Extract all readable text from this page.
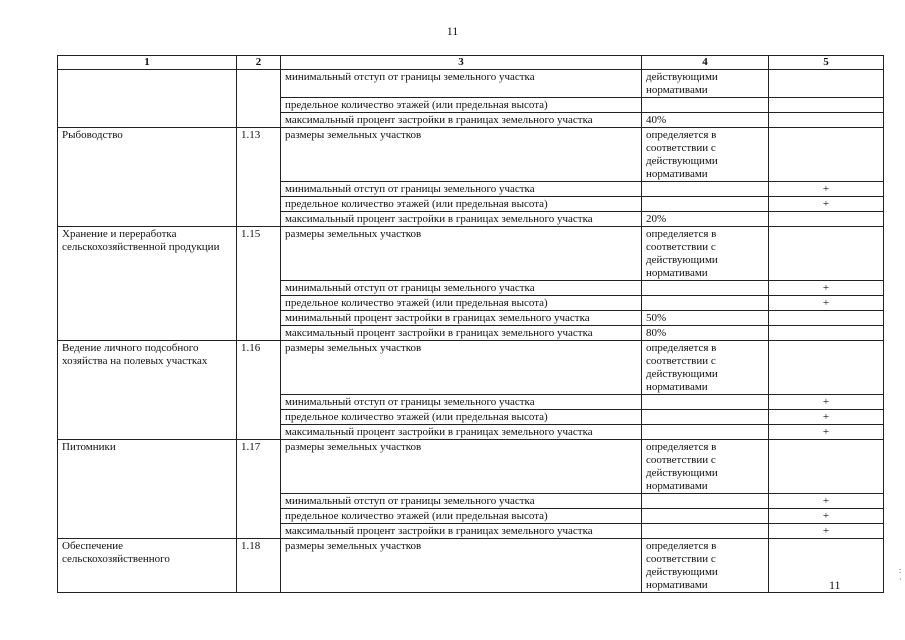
11
1	2	3	4	5
		минимальный отступ от границы земельного участка	действующими нормативами	
		предельное количество этажей (или предельная высота)		
		максимальный процент застройки в границах земельного участка	40%	
Рыбоводство	1.13	размеры земельных участков	определяется в соответствии с действующими нормативами	
		минимальный отступ от границы земельного участка		+
		предельное количество этажей (или предельная высота)		+
		максимальный процент застройки в границах земельного участка	20%	
Хранение и переработка сельскохозяйственной продукции	1.15	размеры земельных участков	определяется в соответствии с действующими нормативами	
		минимальный отступ от границы земельного участка		+
		предельное количество этажей (или предельная высота)		+
		минимальный процент застройки в границах земельного участка	50%	
		максимальный процент застройки в границах земельного участка	80%	
Ведение личного подсобного хозяйства на полевых участках	1.16	размеры земельных участков	определяется в соответствии с действующими нормативами	
		минимальный отступ от границы земельного участка		+
		предельное количество этажей (или предельная высота)		+
		максимальный процент застройки в границах земельного участка		+
Питомники	1.17	размеры земельных участков	определяется в соответствии с действующими нормативами	
		минимальный отступ от границы земельного участка		+
		предельное количество этажей (или предельная высота)		+
		максимальный процент застройки в границах земельного участка		+
Обеспечение сельскохозяйственного	1.18	размеры земельных участков	определяется в соответствии с действующими нормативами		11
:
·
